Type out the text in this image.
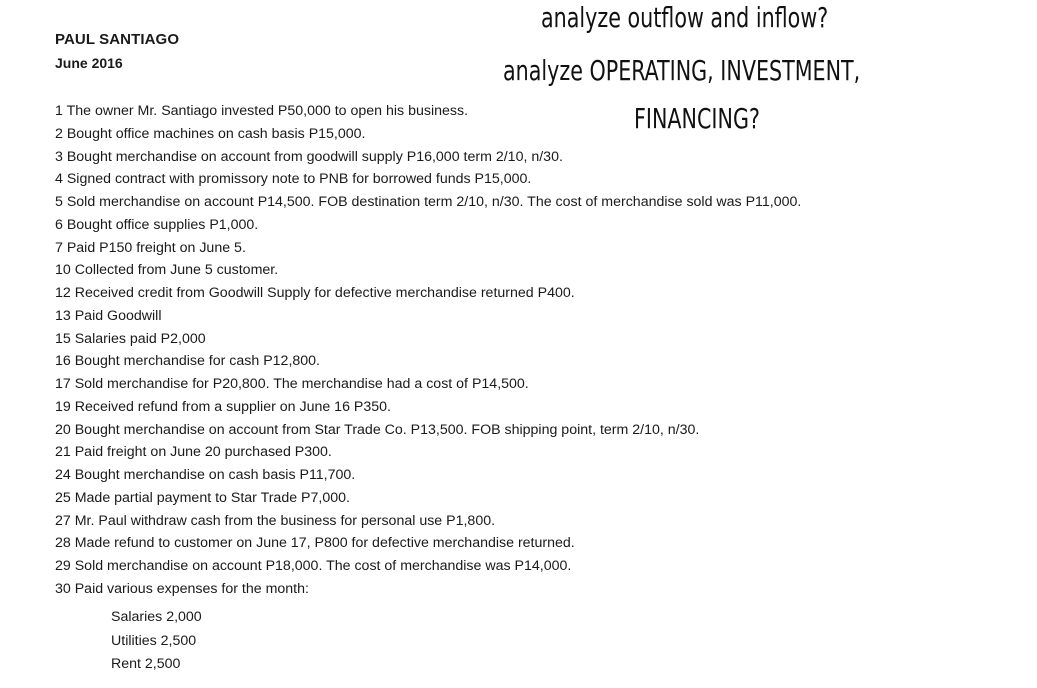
PAUL SANTIAGO

June 2016

analyze outflow and inflow?

analyze OPERATING, INVESTMENT,

FINANCING?

1 The owner Mr. Santiago invested P50,000 to open his business.
2 Bought office machines on cash basis P15,000.
3 Bought merchandise on account from goodwill supply P16,000 term 2/10, n/30.
4 Signed contract with promissory note to PNB for borrowed funds P15,000.
5 Sold merchandise on account P14,500. FOB destination term 2/10, n/30. The cost of merchandise sold was P11,000.
6 Bought office supplies P1,000.
7 Paid P150 freight on June 5.
10 Collected from June 5 customer.
12 Received credit from Goodwill Supply for defective merchandise returned P400.
13 Paid Goodwill
15 Salaries paid P2,000
16 Bought merchandise for cash P12,800.
17 Sold merchandise for P20,800. The merchandise had a cost of P14,500.
19 Received refund from a supplier on June 16 P350.
20 Bought merchandise on account from Star Trade Co. P13,500. FOB shipping point, term 2/10, n/30.
21 Paid freight on June 20 purchased P300.
24 Bought merchandise on cash basis P11,700.
25 Made partial payment to Star Trade P7,000.
27 Mr. Paul withdraw cash from the business for personal use P1,800.
28 Made refund to customer on June 17, P800 for defective merchandise returned.
29 Sold merchandise on account P18,000. The cost of merchandise was P14,000.
30 Paid various expenses for the month:
Salaries 2,000
Utilities 2,500
Rent 2,500
